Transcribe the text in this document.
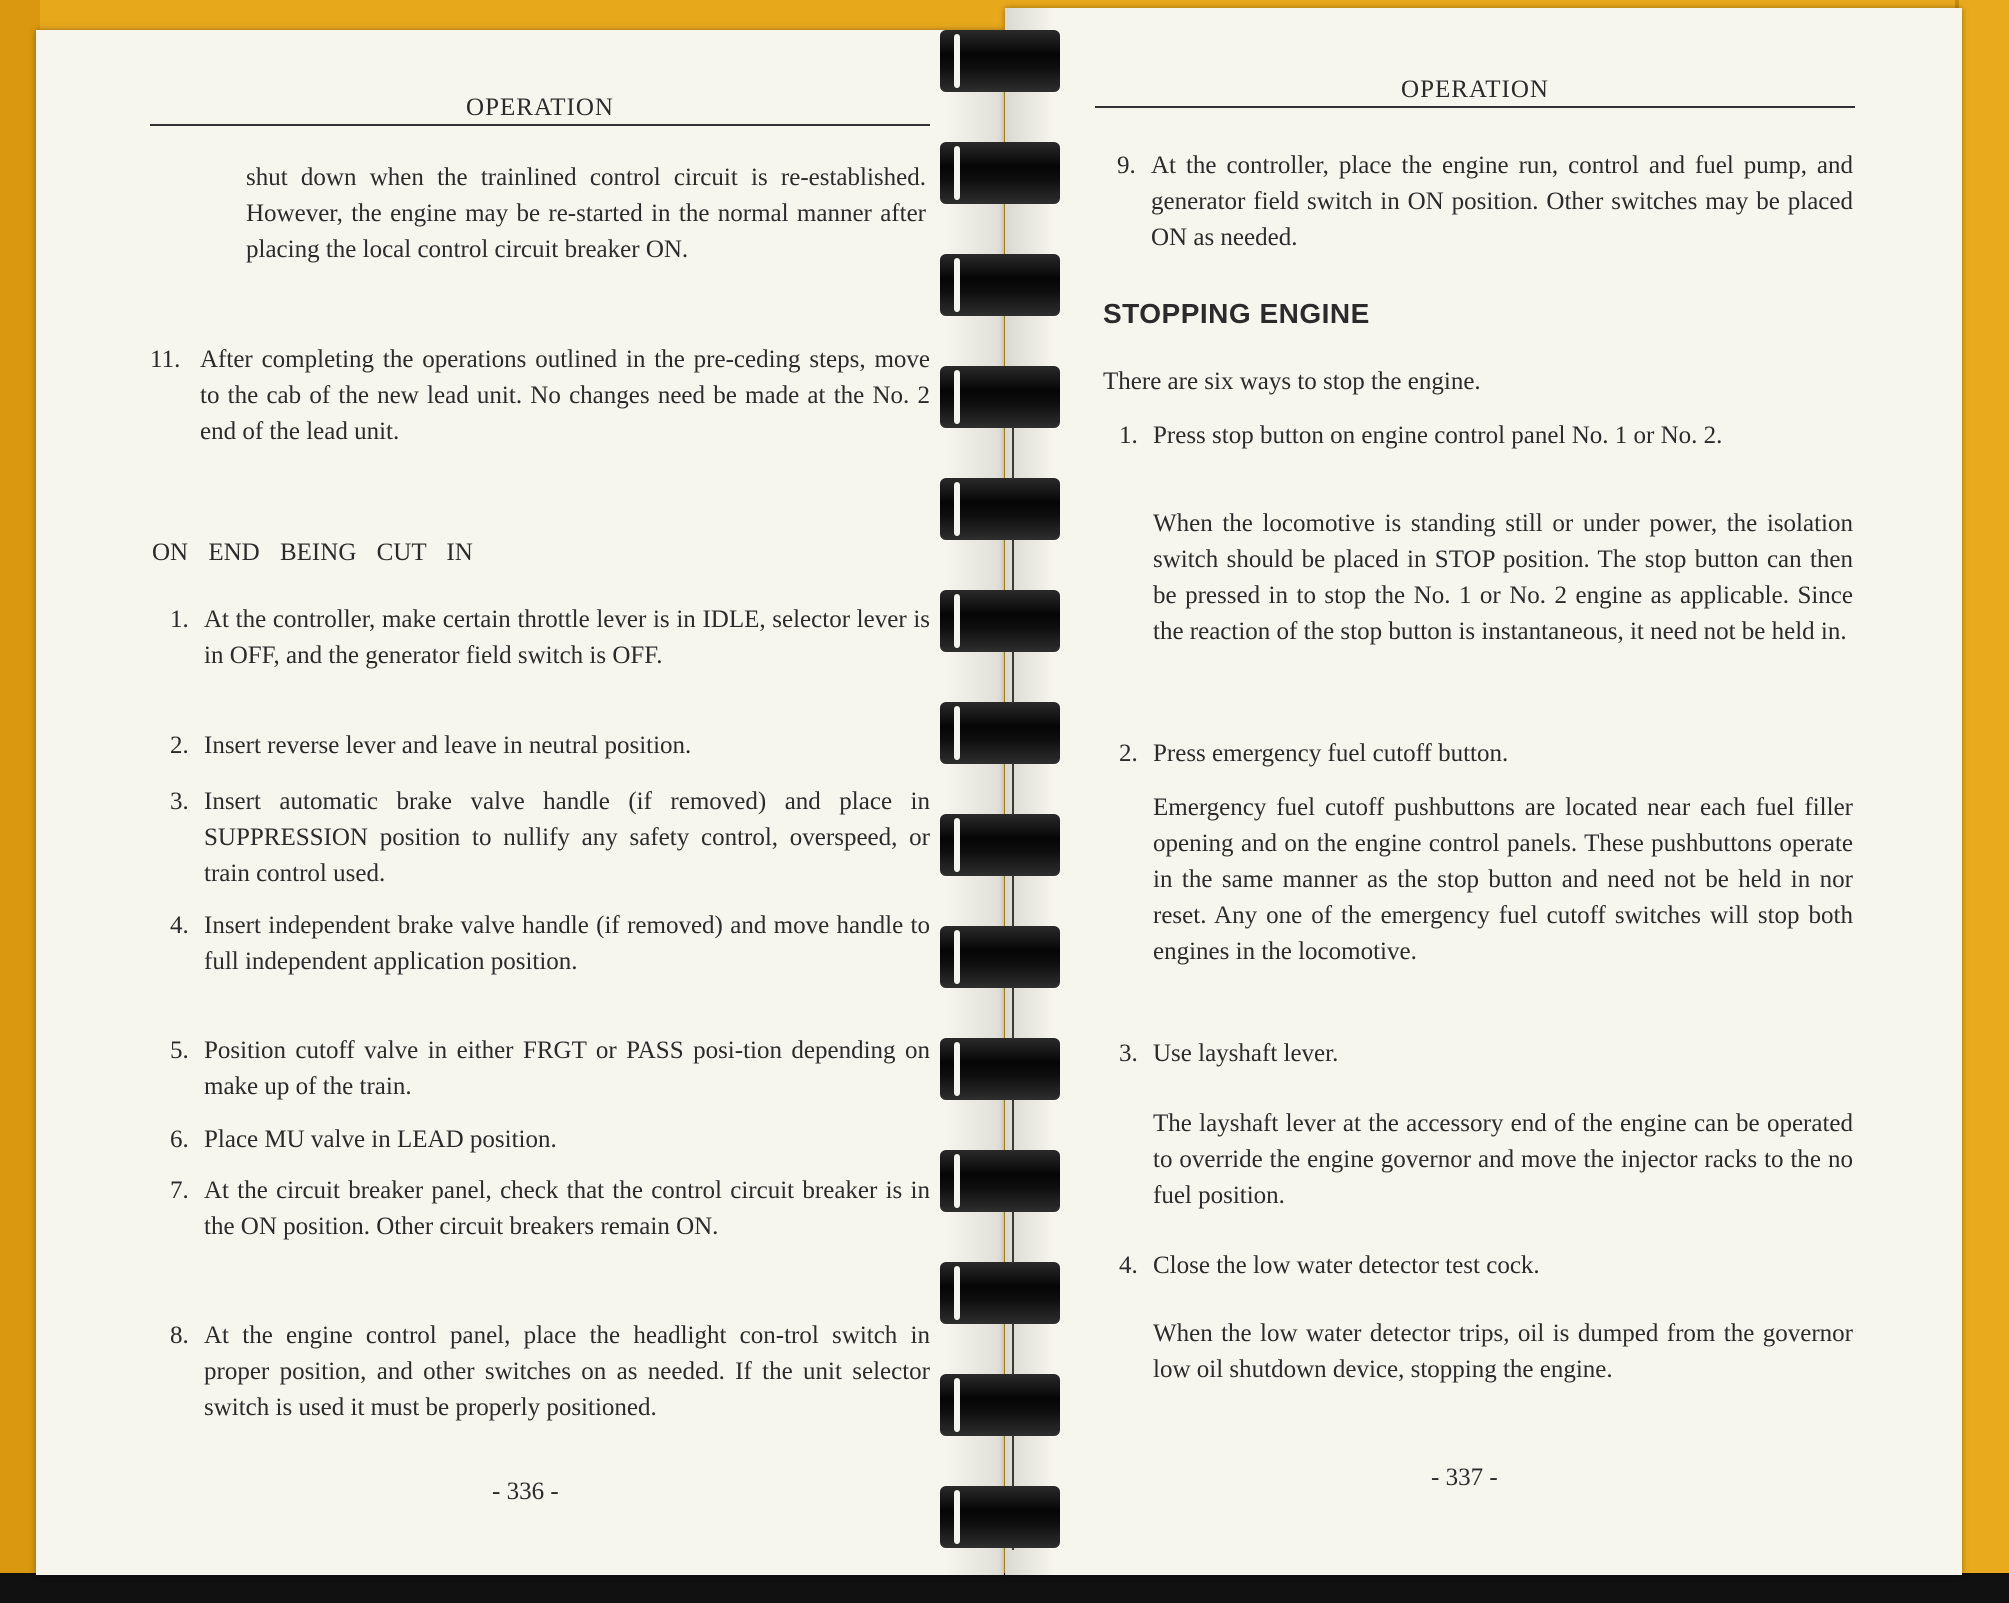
OPERATION
shut down when the trainlined control circuit is re-established. However, the engine may be re-started in the normal manner after placing the local control circuit breaker ON.
11. After completing the operations outlined in the pre-ceding steps, move to the cab of the new lead unit. No changes need be made at the No. 2 end of the lead unit.
ON END BEING CUT IN
1. At the controller, make certain throttle lever is in IDLE, selector lever is in OFF, and the generator field switch is OFF.
2. Insert reverse lever and leave in neutral position.
3. Insert automatic brake valve handle (if removed) and place in SUPPRESSION position to nullify any safety control, overspeed, or train control used.
4. Insert independent brake valve handle (if removed) and move handle to full independent application position.
5. Position cutoff valve in either FRGT or PASS posi-tion depending on make up of the train.
6. Place MU valve in LEAD position.
7. At the circuit breaker panel, check that the control circuit breaker is in the ON position. Other circuit breakers remain ON.
8. At the engine control panel, place the headlight con-trol switch in proper position, and other switches on as needed. If the unit selector switch is used it must be properly positioned.
- 336 -
OPERATION
9. At the controller, place the engine run, control and fuel pump, and generator field switch in ON position. Other switches may be placed ON as needed.
STOPPING ENGINE
There are six ways to stop the engine.
1. Press stop button on engine control panel No. 1 or No. 2.
When the locomotive is standing still or under power, the isolation switch should be placed in STOP position. The stop button can then be pressed in to stop the No. 1 or No. 2 engine as applicable. Since the reaction of the stop button is instantaneous, it need not be held in.
2. Press emergency fuel cutoff button.
Emergency fuel cutoff pushbuttons are located near each fuel filler opening and on the engine control panels. These pushbuttons operate in the same manner as the stop button and need not be held in nor reset. Any one of the emergency fuel cutoff switches will stop both engines in the locomotive.
3. Use layshaft lever.
The layshaft lever at the accessory end of the engine can be operated to override the engine governor and move the injector racks to the no fuel position.
4. Close the low water detector test cock.
When the low water detector trips, oil is dumped from the governor low oil shutdown device, stopping the engine.
- 337 -
